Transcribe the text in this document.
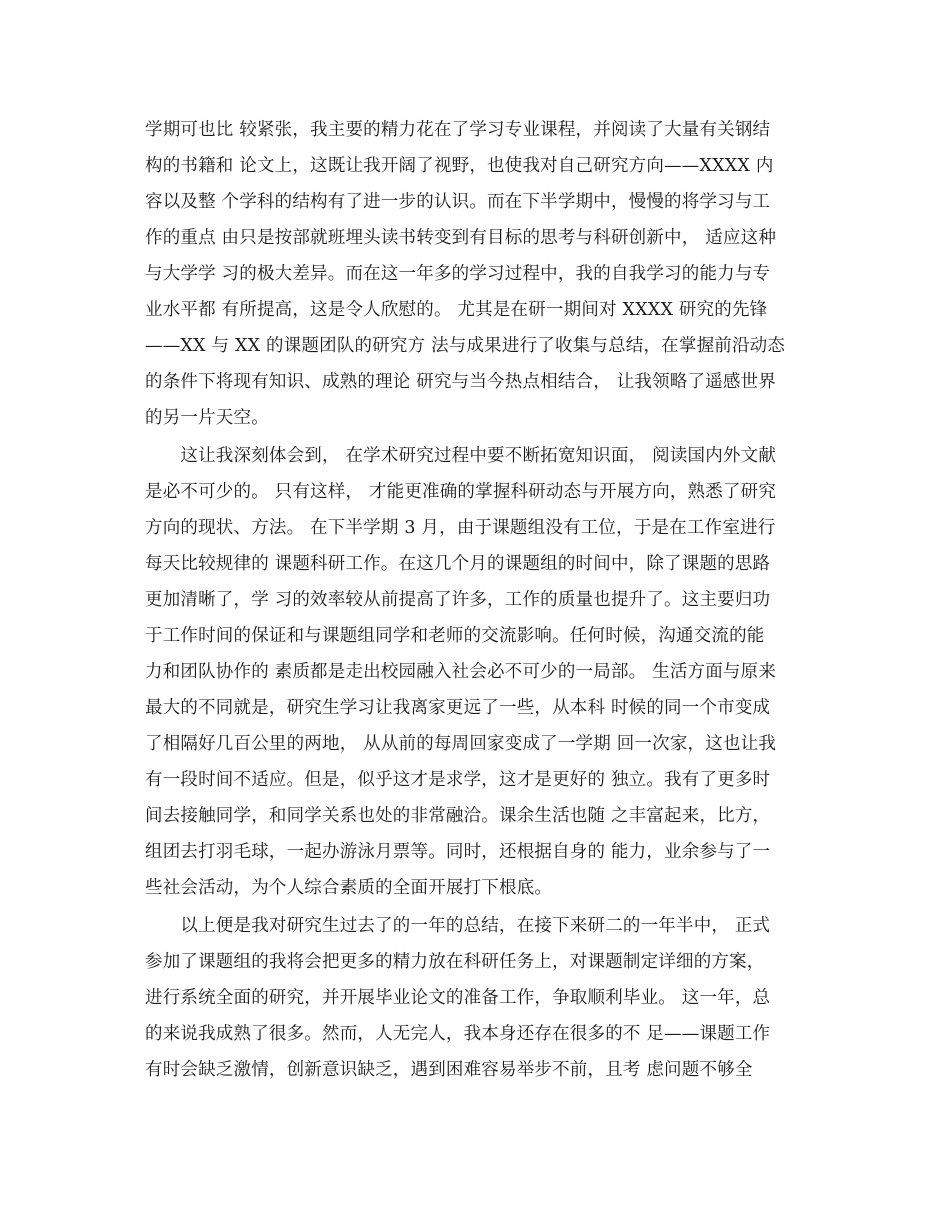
学期可也比 较紧张，我主要的精力花在了学习专业课程，并阅读了大量有关钢结
构的书籍和 论文上，这既让我开阔了视野，也使我对自己研究方向——XXXX 内
容以及整 个学科的结构有了进一步的认识。而在下半学期中，慢慢的将学习与工
作的重点 由只是按部就班埋头读书转变到有目标的思考与科研创新中， 适应这种
与大学学 习的极大差异。而在这一年多的学习过程中，我的自我学习的能力与专
业水平都 有所提高，这是令人欣慰的。 尤其是在研一期间对 XXXX 研究的先锋
——XX 与 XX 的课题团队的研究方 法与成果进行了收集与总结，在掌握前沿动态
的条件下将现有知识、成熟的理论 研究与当今热点相结合， 让我领略了遥感世界
的另一片天空。
　　这让我深刻体会到， 在学术研究过程中要不断拓宽知识面， 阅读国内外文献
是必不可少的。 只有这样， 才能更准确的掌握科研动态与开展方向，熟悉了研究
方向的现状、方法。 在下半学期 3 月，由于课题组没有工位，于是在工作室进行
每天比较规律的 课题科研工作。在这几个月的课题组的时间中，除了课题的思路
更加清晰了，学 习的效率较从前提高了许多，工作的质量也提升了。这主要归功
于工作时间的保证和与课题组同学和老师的交流影响。任何时候，沟通交流的能
力和团队协作的 素质都是走出校园融入社会必不可少的一局部。 生活方面与原来
最大的不同就是，研究生学习让我离家更远了一些，从本科 时候的同一个市变成
了相隔好几百公里的两地， 从从前的每周回家变成了一学期 回一次家，这也让我
有一段时间不适应。但是，似乎这才是求学，这才是更好的 独立。我有了更多时
间去接触同学，和同学关系也处的非常融洽。课余生活也随 之丰富起来，比方，
组团去打羽毛球，一起办游泳月票等。同时，还根据自身的 能力，业余参与了一
些社会活动，为个人综合素质的全面开展打下根底。
　　以上便是我对研究生过去了的一年的总结，在接下来研二的一年半中， 正式
参加了课题组的我将会把更多的精力放在科研任务上，对课题制定详细的方案，
进行系统全面的研究，并开展毕业论文的准备工作，争取顺利毕业。 这一年，总
的来说我成熟了很多。然而，人无完人，我本身还存在很多的不 足——课题工作
有时会缺乏激情，创新意识缺乏，遇到困难容易举步不前，且考 虑问题不够全
